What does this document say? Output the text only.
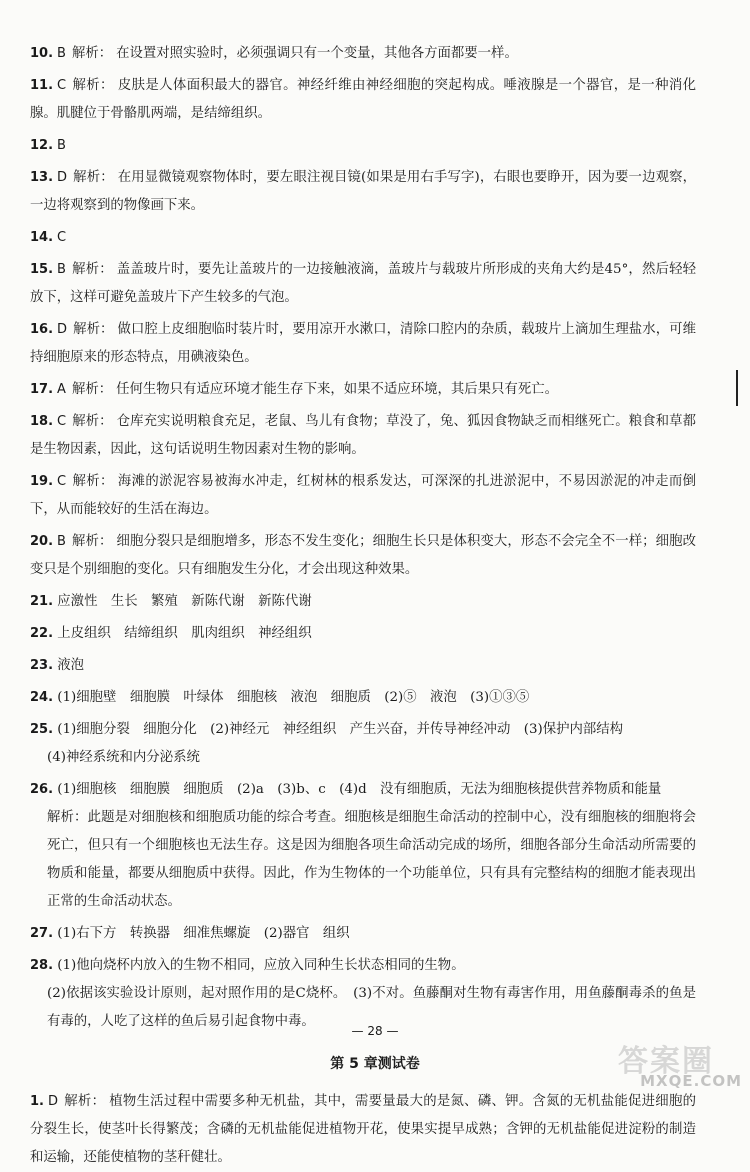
10. B 解析： 在设置对照实验时，必须强调只有一个变量，其他各方面都要一样。
11. C 解析： 皮肤是人体面积最大的器官。神经纤维由神经细胞的突起构成。唾液腺是一个器官，是一种消化腺。肌腱位于骨骼肌两端，是结缔组织。
12. B
13. D 解析： 在用显微镜观察物体时，要左眼注视目镜(如果是用右手写字)，右眼也要睁开，因为要一边观察，一边将观察到的物像画下来。
14. C
15. B 解析： 盖盖玻片时，要先让盖玻片的一边接触液滴，盖玻片与载玻片所形成的夹角大约是45°，然后轻轻放下，这样可避免盖玻片下产生较多的气泡。
16. D 解析： 做口腔上皮细胞临时装片时，要用凉开水漱口，清除口腔内的杂质，载玻片上滴加生理盐水，可维持细胞原来的形态特点，用碘液染色。
17. A 解析： 任何生物只有适应环境才能生存下来，如果不适应环境，其后果只有死亡。
18. C 解析： 仓库充实说明粮食充足，老鼠、鸟儿有食物；草没了，兔、狐因食物缺乏而相继死亡。粮食和草都是生物因素，因此，这句话说明生物因素对生物的影响。
19. C 解析： 海滩的淤泥容易被海水冲走，红树林的根系发达，可深深的扎进淤泥中，不易因淤泥的冲走而倒下，从而能较好的生活在海边。
20. B 解析： 细胞分裂只是细胞增多，形态不发生变化；细胞生长只是体积变大，形态不会完全不一样；细胞改变只是个别细胞的变化。只有细胞发生分化，才会出现这种效果。
21. 应激性　生长　繁殖　新陈代谢　新陈代谢
22. 上皮组织　结缔组织　肌肉组织　神经组织
23. 液泡
24. (1)细胞壁　细胞膜　叶绿体　细胞核　液泡　细胞质　(2)⑤　液泡　(3)①③⑤
25. (1)细胞分裂　细胞分化　(2)神经元　神经组织　产生兴奋，并传导神经冲动　(3)保护内部结构
(4)神经系统和内分泌系统
26. (1)细胞核　细胞膜　细胞质　(2)a　(3)b、c　(4)d　没有细胞质，无法为细胞核提供营养物质和能量
解析：此题是对细胞核和细胞质功能的综合考查。细胞核是细胞生命活动的控制中心，没有细胞核的细胞将会死亡，但只有一个细胞核也无法生存。这是因为细胞各项生命活动完成的场所，细胞各部分生命活动所需要的物质和能量，都要从细胞质中获得。因此，作为生物体的一个功能单位，只有具有完整结构的细胞才能表现出正常的生命活动状态。
27. (1)右下方　转换器　细准焦螺旋　(2)器官　组织
28. (1)他向烧杯内放入的生物不相同，应放入同种生长状态相同的生物。
(2)依据该实验设计原则，起对照作用的是C烧杯。　(3)不对。鱼藤酮对生物有毒害作用，用鱼藤酮毒杀的鱼是有毒的，人吃了这样的鱼后易引起食物中毒。
第 5 章测试卷
1. D 解析： 植物生活过程中需要多种无机盐，其中，需要量最大的是氮、磷、钾。含氮的无机盐能促进细胞的分裂生长，使茎叶长得繁茂；含磷的无机盐能促进植物开花，使果实提早成熟；含钾的无机盐能促进淀粉的制造和运输，还能使植物的茎秆健壮。
— 28 —
答案圈
MXQE.COM
